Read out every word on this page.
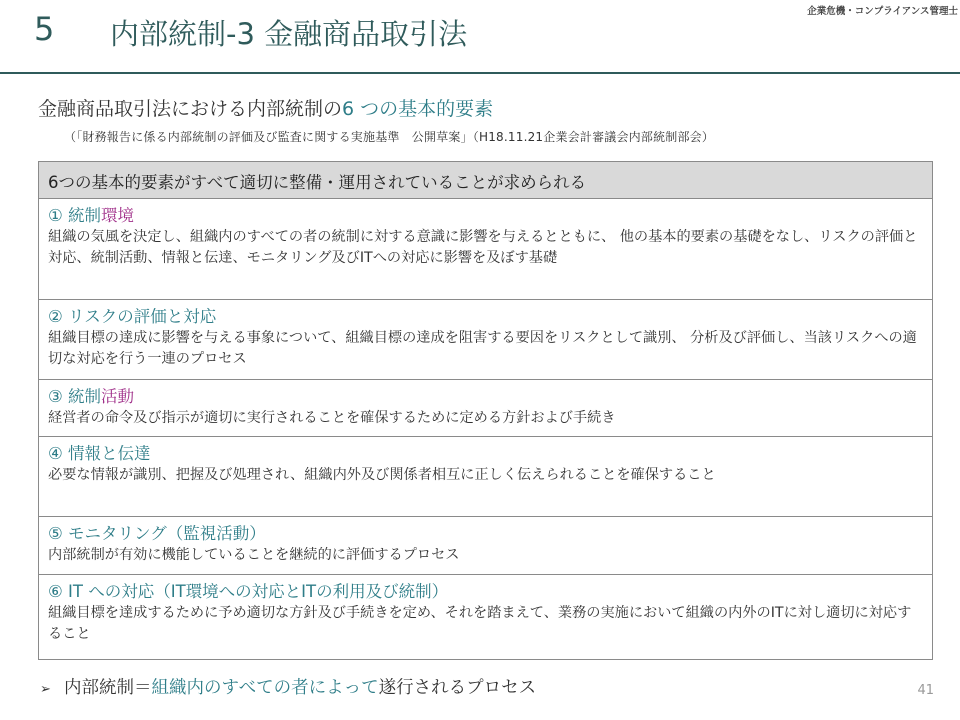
5 内部統制-3 金融商品取引法
企業危機・コンプライアンス管理士
金融商品取引法における内部統制の6 つの基本的要素
（「財務報告に係る内部統制の評価及び監査に関する実施基準　公開草案」（H18.11.21企業会計審議会内部統制部会）
6つの基本的要素がすべて適切に整備・運用されていることが求められる
① 統制環境
組織の気風を決定し、組織内のすべての者の統制に対する意識に影響を与えるとともに、 他の基本的要素の基礎をなし、リスクの評価と対応、統制活動、情報と伝達、モニタリング及びITへの対応に影響を及ぼす基礎
② リスクの評価と対応
組織目標の達成に影響を与える事象について、組織目標の達成を阻害する要因をリスクとして識別、 分析及び評価し、当該リスクへの適切な対応を行う一連のプロセス
③ 統制活動
経営者の命令及び指示が適切に実行されることを確保するために定める方針および手続き
④ 情報と伝達
必要な情報が識別、把握及び処理され、組織内外及び関係者相互に正しく伝えられることを確保すること
⑤ モニタリング（監視活動）
内部統制が有効に機能していることを継続的に評価するプロセス
⑥ IT への対応（IT環境への対応とITの利用及び統制）
組織目標を達成するために予め適切な方針及び手続きを定め、それを踏まえて、業務の実施において組織の内外のITに対し適切に対応すること
➢ 内部統制＝組織内のすべての者によって遂行されるプロセス	41
